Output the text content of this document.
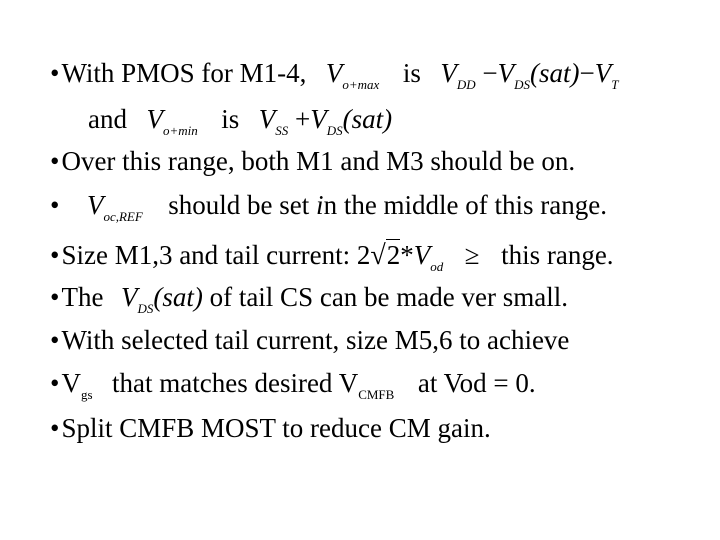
•With PMOS for M1-4, $V_{o+max}$ is $V_{DD} -V_{DS}(sat)-V_T$
and $V_{o+min}$ is $V_{SS} +V_{DS}(sat)$
•Over this range, both M1 and M3 should be on.
• $V_{oc,REF}$ should be set in the middle of this range.
•Size M1,3 and tail current: $2√2*V_{od}$ ≥ this range.
•The $V_{DS}(sat)$ of tail CS can be made ver small.
•With selected tail current, size M5,6 to achieve
$•V_{gs}$ that matches desired $V_{CMFB}$ at Vod = 0.
•Split CMFB MOST to reduce CM gain.
